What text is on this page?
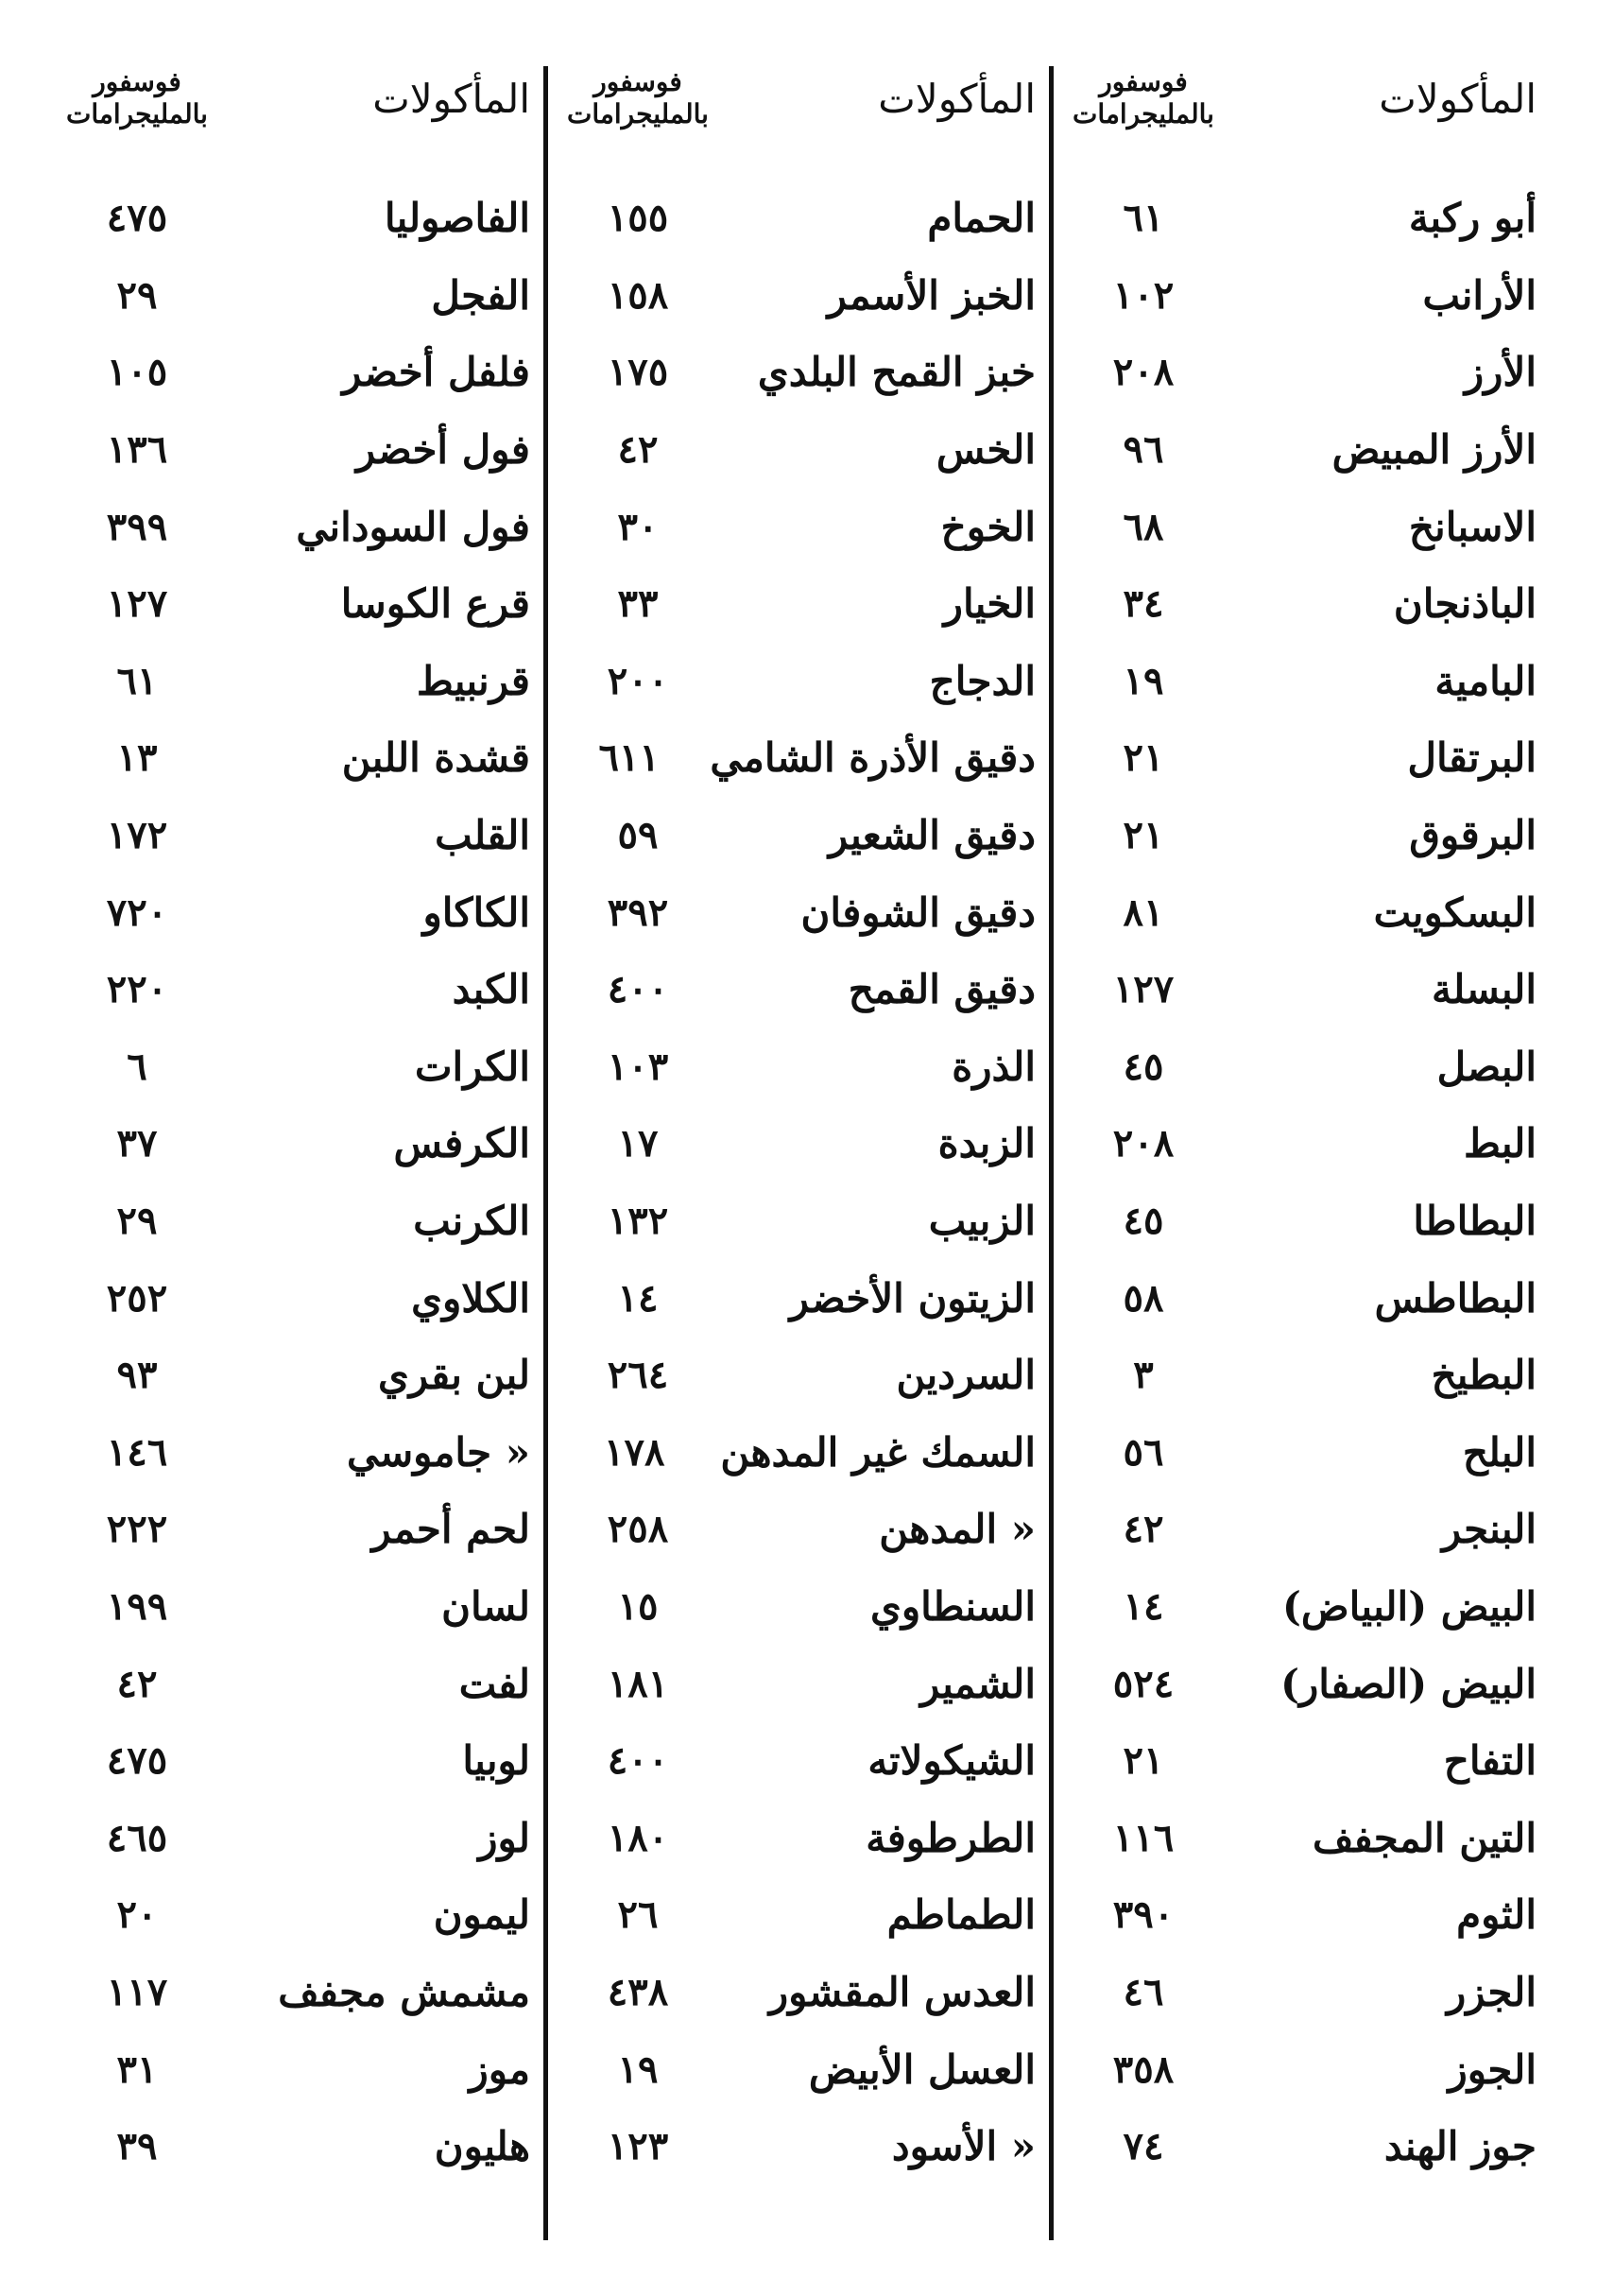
المأكولات
فوسفور
بالمليجرامات
أبو ركبة
٦١
الأرانب
١٠٢
الأرز
٢٠٨
الأرز المبيض
٩٦
الاسبانخ
٦٨
الباذنجان
٣٤
البامية
١٩
البرتقال
٢١
البرقوق
٢١
البسكويت
٨١
البسلة
١٢٧
البصل
٤٥
البط
٢٠٨
البطاطا
٤٥
البطاطس
٥٨
البطيخ
٣
البلح
٥٦
البنجر
٤٢
البيض (البياض)
١٤
البيض (الصفار)
٥٢٤
التفاح
٢١
التين المجفف
١١٦
الثوم
٣٩٠
الجزر
٤٦
الجوز
٣٥٨
جوز الهند
٧٤
المأكولات
فوسفور
بالمليجرامات
الحمام
١٥٥
الخبز الأسمر
١٥٨
خبز القمح البلدي
١٧٥
الخس
٤٢
الخوخ
٣٠
الخيار
٣٣
الدجاج
٢٠٠
دقيق الأذرة الشامي
٦١١
دقيق الشعير
٥٩
دقيق الشوفان
٣٩٢
دقيق القمح
٤٠٠
الذرة
١٠٣
الزبدة
١٧
الزبيب
١٣٢
الزيتون الأخضر
١٤
السردين
٢٦٤
السمك غير المدهن
١٧٨
« المدهن
٢٥٨
السنطاوي
١٥
الشمير
١٨١
الشيكولاته
٤٠٠
الطرطوفة
١٨٠
الطماطم
٢٦
العدس المقشور
٤٣٨
العسل الأبيض
١٩
« الأسود
١٢٣
المأكولات
فوسفور
بالمليجرامات
الفاصوليا
٤٧٥
الفجل
٢٩
فلفل أخضر
١٠٥
فول أخضر
١٣٦
فول السوداني
٣٩٩
قرع الكوسا
١٢٧
قرنبيط
٦١
قشدة اللبن
١٣
القلب
١٧٢
الكاكاو
٧٢٠
الكبد
٢٢٠
الكرات
٦
الكرفس
٣٧
الكرنب
٢٩
الكلاوي
٢٥٢
لبن بقري
٩٣
« جاموسي
١٤٦
لحم أحمر
٢٢٢
لسان
١٩٩
لفت
٤٢
لوبيا
٤٧٥
لوز
٤٦٥
ليمون
٢٠
مشمش مجفف
١١٧
موز
٣١
هليون
٣٩
